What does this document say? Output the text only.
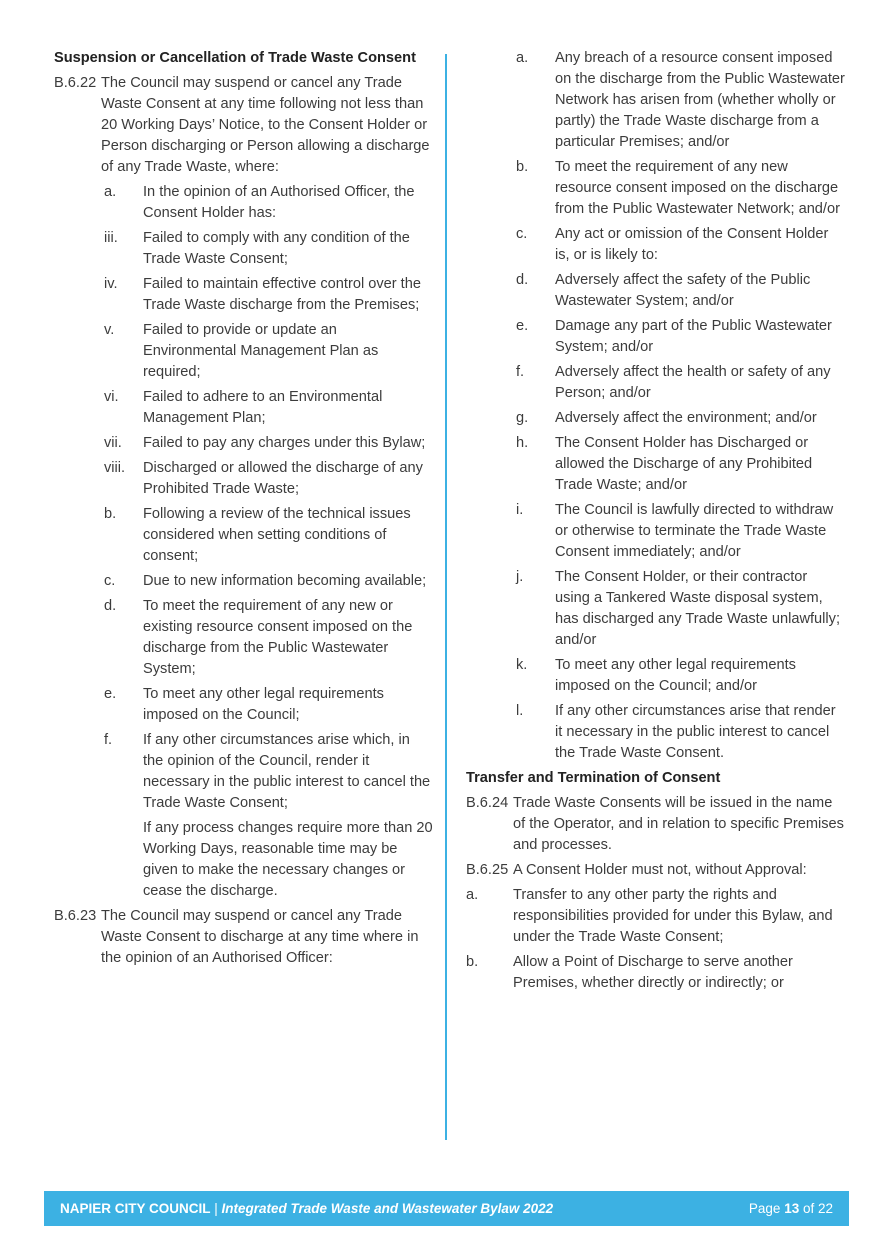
Suspension or Cancellation of Trade Waste Consent

B.6.22 The Council may suspend or cancel any Trade Waste Consent at any time following not less than 20 Working Days’ Notice, to the Consent Holder or Person discharging or Person allowing a discharge of any Trade Waste, where:

a. In the opinion of an Authorised Officer, the Consent Holder has:
iii. Failed to comply with any condition of the Trade Waste Consent;
iv. Failed to maintain effective control over the Trade Waste discharge from the Premises;
v. Failed to provide or update an Environmental Management Plan as required;
vi. Failed to adhere to an Environmental Management Plan;
vii. Failed to pay any charges under this Bylaw;
viii. Discharged or allowed the discharge of any Prohibited Trade Waste;
b. Following a review of the technical issues considered when setting conditions of consent;
c. Due to new information becoming available;
d. To meet the requirement of any new or existing resource consent imposed on the discharge from the Public Wastewater System;
e. To meet any other legal requirements imposed on the Council;
f. If any other circumstances arise which, in the opinion of the Council, render it necessary in the public interest to cancel the Trade Waste Consent;

If any process changes require more than 20 Working Days, reasonable time may be given to make the necessary changes or cease the discharge.

B.6.23 The Council may suspend or cancel any Trade Waste Consent to discharge at any time where in the opinion of an Authorised Officer:

a. Any breach of a resource consent imposed on the discharge from the Public Wastewater Network has arisen from (whether wholly or partly) the Trade Waste discharge from a particular Premises; and/or
b. To meet the requirement of any new resource consent imposed on the discharge from the Public Wastewater Network; and/or
c. Any act or omission of the Consent Holder is, or is likely to:
d. Adversely affect the safety of the Public Wastewater System; and/or
e. Damage any part of the Public Wastewater System; and/or
f. Adversely affect the health or safety of any Person; and/or
g. Adversely affect the environment; and/or
h. The Consent Holder has Discharged or allowed the Discharge of any Prohibited Trade Waste; and/or
i. The Council is lawfully directed to withdraw or otherwise to terminate the Trade Waste Consent immediately; and/or
j. The Consent Holder, or their contractor using a Tankered Waste disposal system, has discharged any Trade Waste unlawfully; and/or
k. To meet any other legal requirements imposed on the Council; and/or
l. If any other circumstances arise that render it necessary in the public interest to cancel the Trade Waste Consent.

Transfer and Termination of Consent

B.6.24 Trade Waste Consents will be issued in the name of the Operator, and in relation to specific Premises and processes.

B.6.25 A Consent Holder must not, without Approval:

a. Transfer to any other party the rights and responsibilities provided for under this Bylaw, and under the Trade Waste Consent;
b. Allow a Point of Discharge to serve another Premises, whether directly or indirectly; or
NAPIER CITY COUNCIL | Integrated Trade Waste and Wastewater Bylaw 2022	Page 13 of 22
